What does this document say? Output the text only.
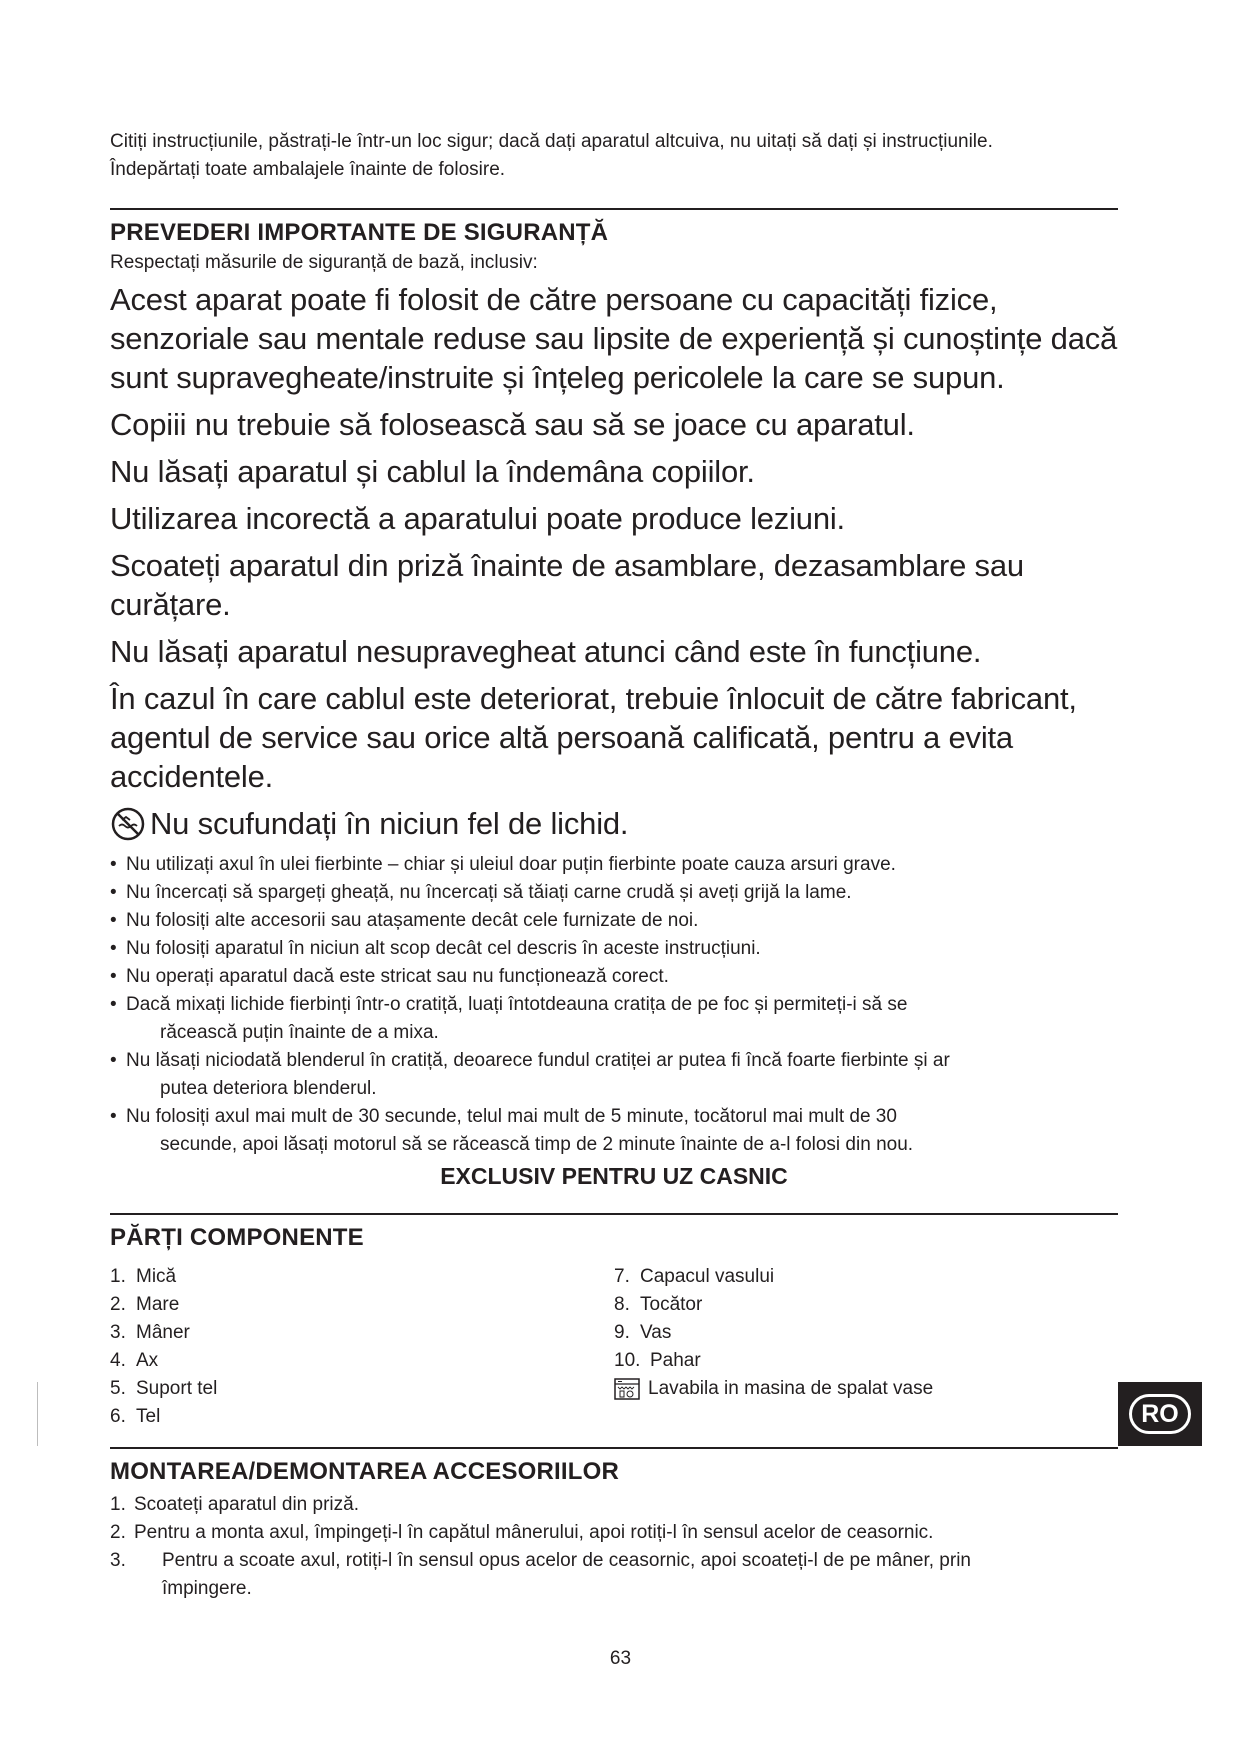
Citiți instrucțiunile, păstrați-le într-un loc sigur; dacă dați aparatul altcuiva, nu uitați să dați și instrucțiunile.
Îndepărtați toate ambalajele înainte de folosire.

PREVEDERI IMPORTANTE DE SIGURANȚĂ

Respectați măsurile de siguranță de bază, inclusiv:

Acest aparat poate fi folosit de către persoane cu capacități fizice, senzoriale sau mentale reduse sau lipsite de experiență și cunoștințe dacă sunt supravegheate/instruite și înțeleg pericolele la care se supun.

Copiii nu trebuie să folosească sau să se joace cu aparatul.

Nu lăsați aparatul și cablul la îndemâna copiilor.

Utilizarea incorectă a aparatului poate produce leziuni.

Scoateți aparatul din priză înainte de asamblare, dezasamblare sau curățare.

Nu lăsați aparatul nesupravegheat atunci când este în funcțiune.

În cazul în care cablul este deteriorat, trebuie înlocuit de către fabricant, agentul de service sau orice altă persoană calificată, pentru a evita accidentele.

Nu scufundați în niciun fel de lichid.

• Nu utilizați axul în ulei fierbinte – chiar și uleiul doar puțin fierbinte poate cauza arsuri grave.
• Nu încercați să spargeți gheață, nu încercați să tăiați carne crudă și aveți grijă la lame.
• Nu folosiți alte accesorii sau atașamente decât cele furnizate de noi.
• Nu folosiți aparatul în niciun alt scop decât cel descris în aceste instrucțiuni.
• Nu operați aparatul dacă este stricat sau nu funcționează corect.
• Dacă mixați lichide fierbinți într-o cratiță, luați întotdeauna cratița de pe foc și permiteți-i să se
răcească puțin înainte de a mixa.
• Nu lăsați niciodată blenderul în cratiță, deoarece fundul cratiței ar putea fi încă foarte fierbinte și ar
putea deteriora blenderul.
• Nu folosiți axul mai mult de 30 secunde, telul mai mult de 5 minute, tocătorul mai mult de 30
secunde, apoi lăsați motorul să se răcească timp de 2 minute înainte de a-l folosi din nou.

EXCLUSIV PENTRU UZ CASNIC

PĂRȚI COMPONENTE
1. Mică
2. Mare
3. Mâner
4. Ax
5. Suport tel
6. Tel
7. Capacul vasului
8. Tocător
9. Vas
10. Pahar
Lavabila in masina de spalat vase
MONTAREA/DEMONTAREA ACCESORIILOR
1. Scoateți aparatul din priză.
2. Pentru a monta axul, împingeți-l în capătul mânerului, apoi rotiți-l în sensul acelor de ceasornic.
3.	Pentru a scoate axul, rotiți-l în sensul opus acelor de ceasornic, apoi scoateți-l de pe mâner, prin
împingere.
RO
63
